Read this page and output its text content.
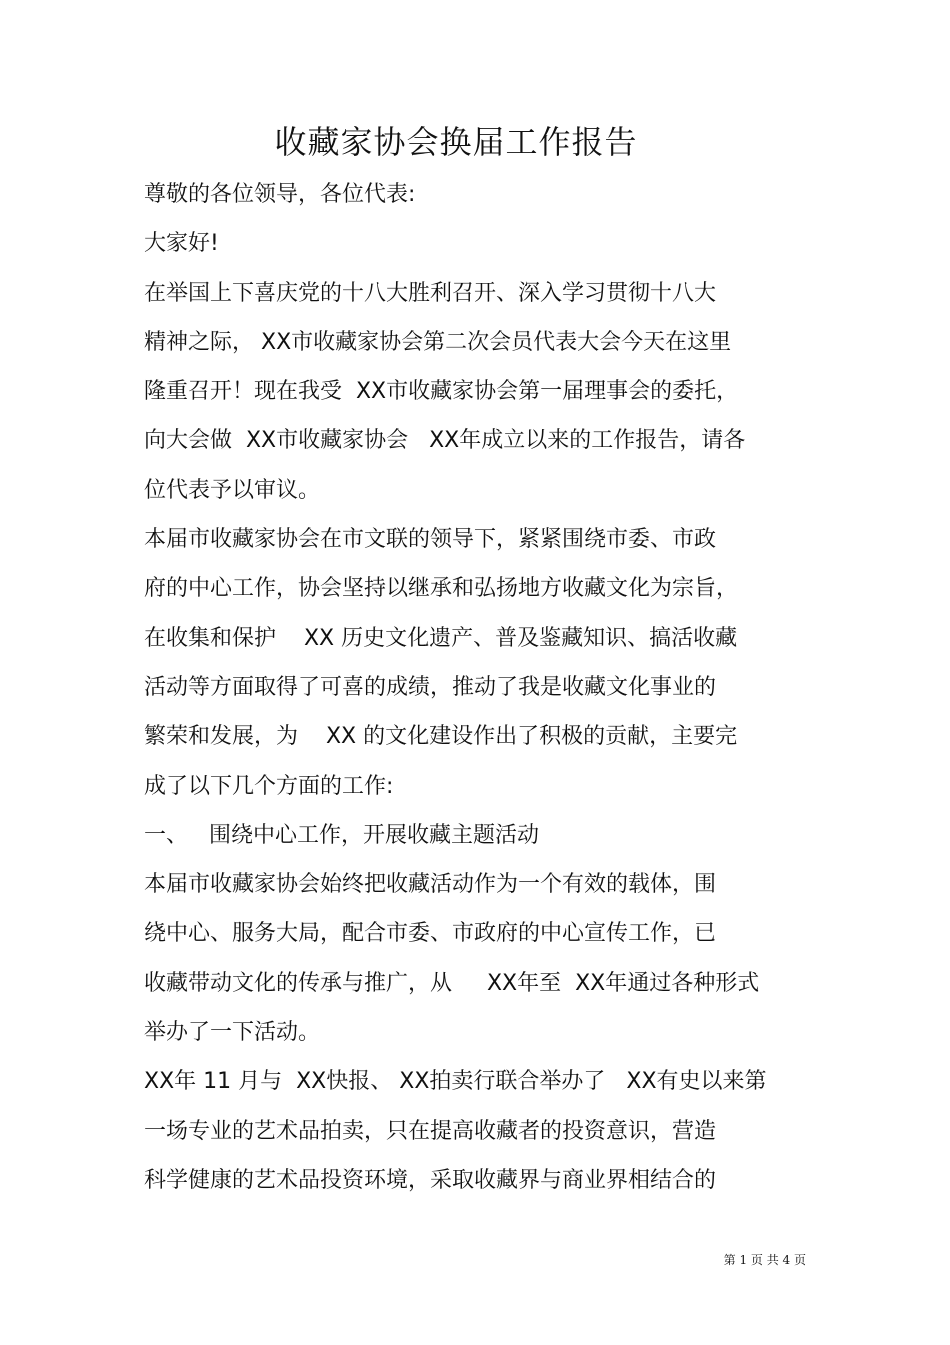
收藏家协会换届工作报告
尊敬的各位领导，各位代表:
大家好!
在举国上下喜庆党的十八大胜利召开、深入学习贯彻十八大
精神之际， XX市收藏家协会第二次会员代表大会今天在这里
隆重召开！现在我受  XX市收藏家协会第一届理事会的委托，
向大会做  XX市收藏家协会   XX年成立以来的工作报告，请各
位代表予以审议。
本届市收藏家协会在市文联的领导下，紧紧围绕市委、市政
府的中心工作，协会坚持以继承和弘扬地方收藏文化为宗旨，
在收集和保护    XX 历史文化遗产、普及鉴藏知识、搞活收藏
活动等方面取得了可喜的成绩，推动了我是收藏文化事业的
繁荣和发展，为    XX 的文化建设作出了积极的贡献，主要完
成了以下几个方面的工作:
一、   围绕中心工作，开展收藏主题活动
本届市收藏家协会始终把收藏活动作为一个有效的载体，围
绕中心、服务大局，配合市委、市政府的中心宣传工作，已
收藏带动文化的传承与推广，从     XX年至  XX年通过各种形式
举办了一下活动。
XX年 11 月与  XX快报、 XX拍卖行联合举办了   XX有史以来第
一场专业的艺术品拍卖，只在提高收藏者的投资意识，营造
科学健康的艺术品投资环境，采取收藏界与商业界相结合的
第 1 页 共 4 页
